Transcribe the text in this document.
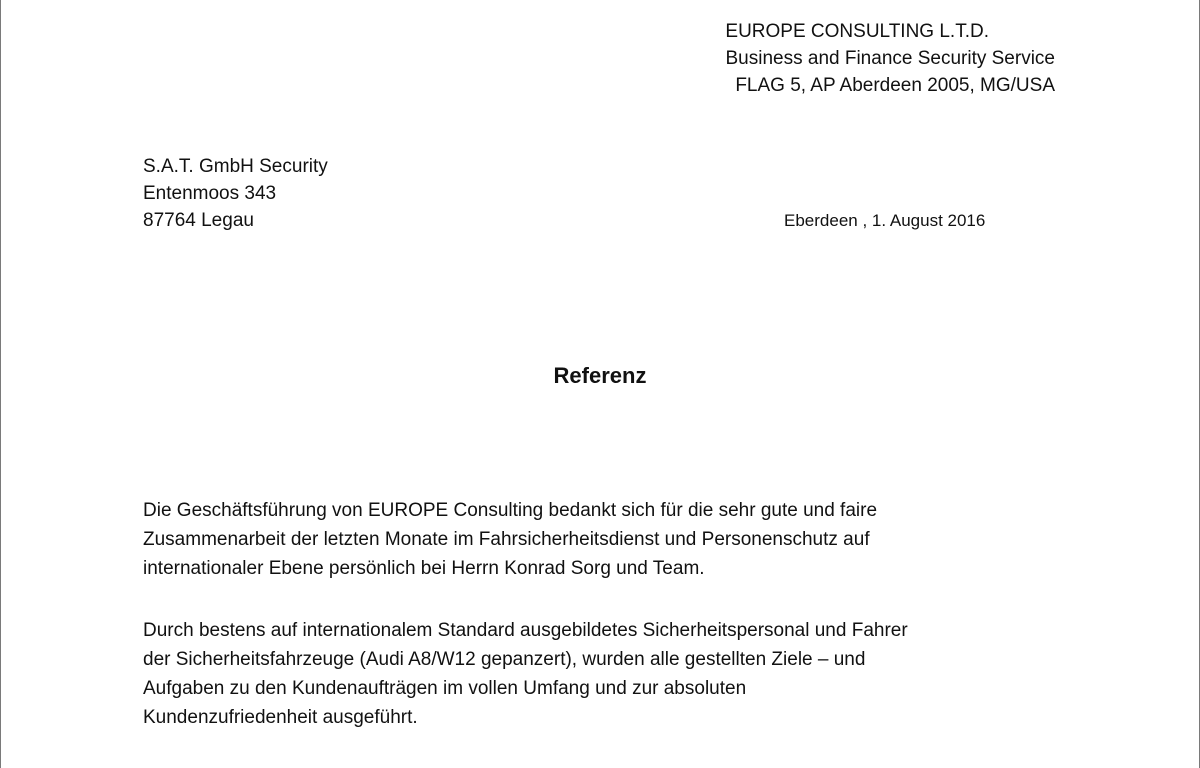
EUROPE CONSULTING L.T.D.
Business and Finance Security Service
FLAG 5, AP Aberdeen 2005, MG/USA
S.A.T. GmbH Security
Entenmoos 343
87764 Legau	Eberdeen , 1. August 2016
Referenz
Die Geschäftsführung von EUROPE Consulting bedankt sich für die sehr gute und faire
Zusammenarbeit der letzten Monate im Fahrsicherheitsdienst und Personenschutz auf
internationaler Ebene persönlich bei Herrn Konrad Sorg und Team.
Durch bestens auf internationalem Standard ausgebildetes Sicherheitspersonal und Fahrer
der Sicherheitsfahrzeuge (Audi A8/W12 gepanzert), wurden alle gestellten Ziele – und
Aufgaben zu den Kundenaufträgen im vollen Umfang und zur absoluten
Kundenzufriedenheit ausgeführt.
